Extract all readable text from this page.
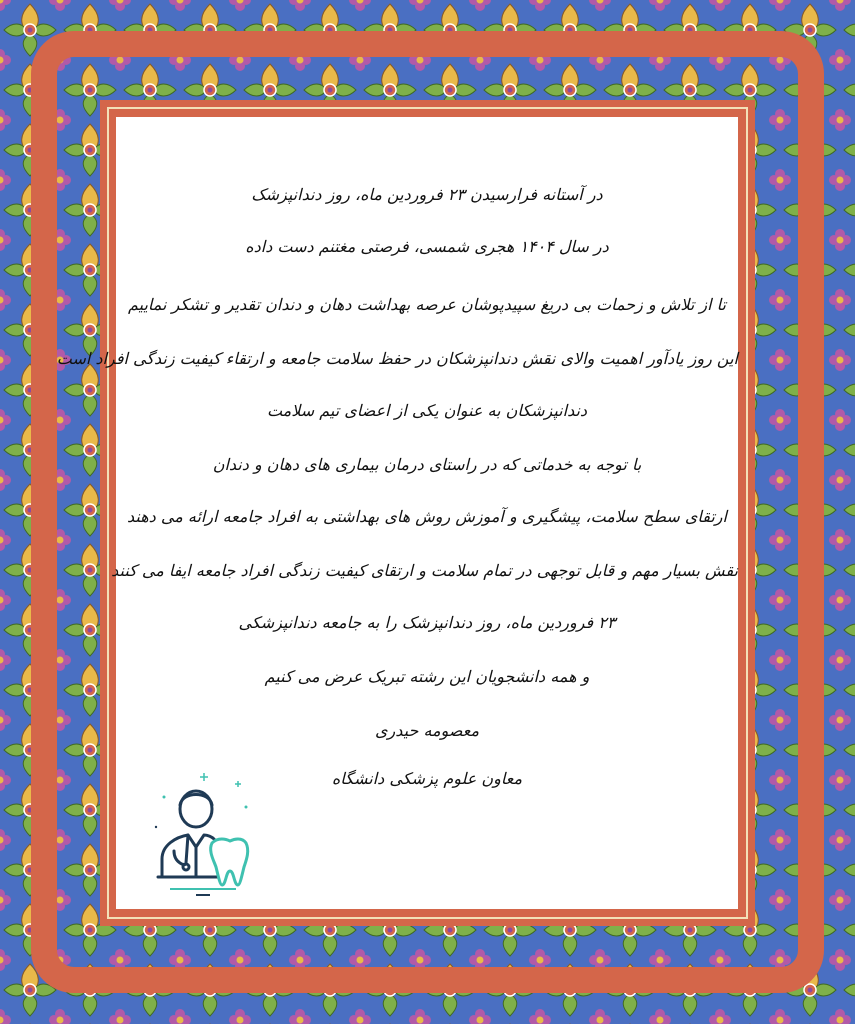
در آستانه فرارسیدن ۲۳ فروردین ماه، روز دندانپزشک
در سال ۱۴۰۴ هجری شمسی، فرصتی مغتنم دست داده
تا از تلاش و زحمات بی دریغ سپیدپوشان عرصه بهداشت دهان و دندان تقدیر و تشکر نماییم
این روز یادآور اهمیت والای نقش دندانپزشکان در حفظ سلامت جامعه و ارتقاء کیفیت زندگی افراد است
دندانپزشکان به عنوان یکی از اعضای تیم سلامت
با توجه به خدماتی که در راستای درمان بیماری های دهان و دندان
ارتقای سطح سلامت، پیشگیری و آموزش روش های بهداشتی به افراد جامعه ارائه می دهند
نقش بسیار مهم و قابل توجهی در تمام سلامت و ارتقای کیفیت زندگی افراد جامعه ایفا می کنند
۲۳ فروردین ماه، روز دندانپزشک را به جامعه دندانپزشکی
و همه دانشجویان این رشته تبریک عرض می کنیم
معصومه حیدری
معاون علوم پزشکی دانشگاه
